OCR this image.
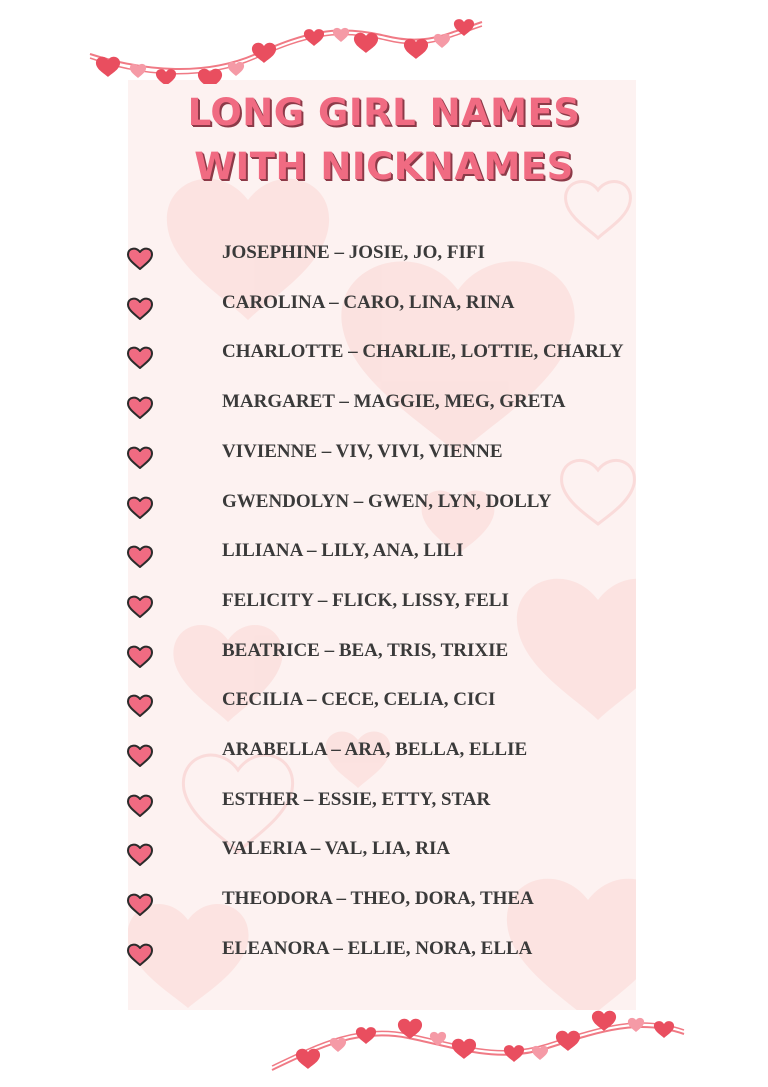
LONG GIRL NAMES
WITH NICKNAMES
JOSEPHINE – JOSIE, JO, FIFI
CAROLINA – CARO, LINA, RINA
CHARLOTTE – CHARLIE, LOTTIE, CHARLY
MARGARET – MAGGIE, MEG, GRETA
VIVIENNE – VIV, VIVI, VIENNE
GWENDOLYN – GWEN, LYN, DOLLY
LILIANA – LILY, ANA, LILI
FELICITY – FLICK, LISSY, FELI
BEATRICE – BEA, TRIS, TRIXIE
CECILIA – CECE, CELIA, CICI
ARABELLA – ARA, BELLA, ELLIE
ESTHER – ESSIE, ETTY, STAR
VALERIA – VAL, LIA, RIA
THEODORA – THEO, DORA, THEA
ELEANORA – ELLIE, NORA, ELLA
